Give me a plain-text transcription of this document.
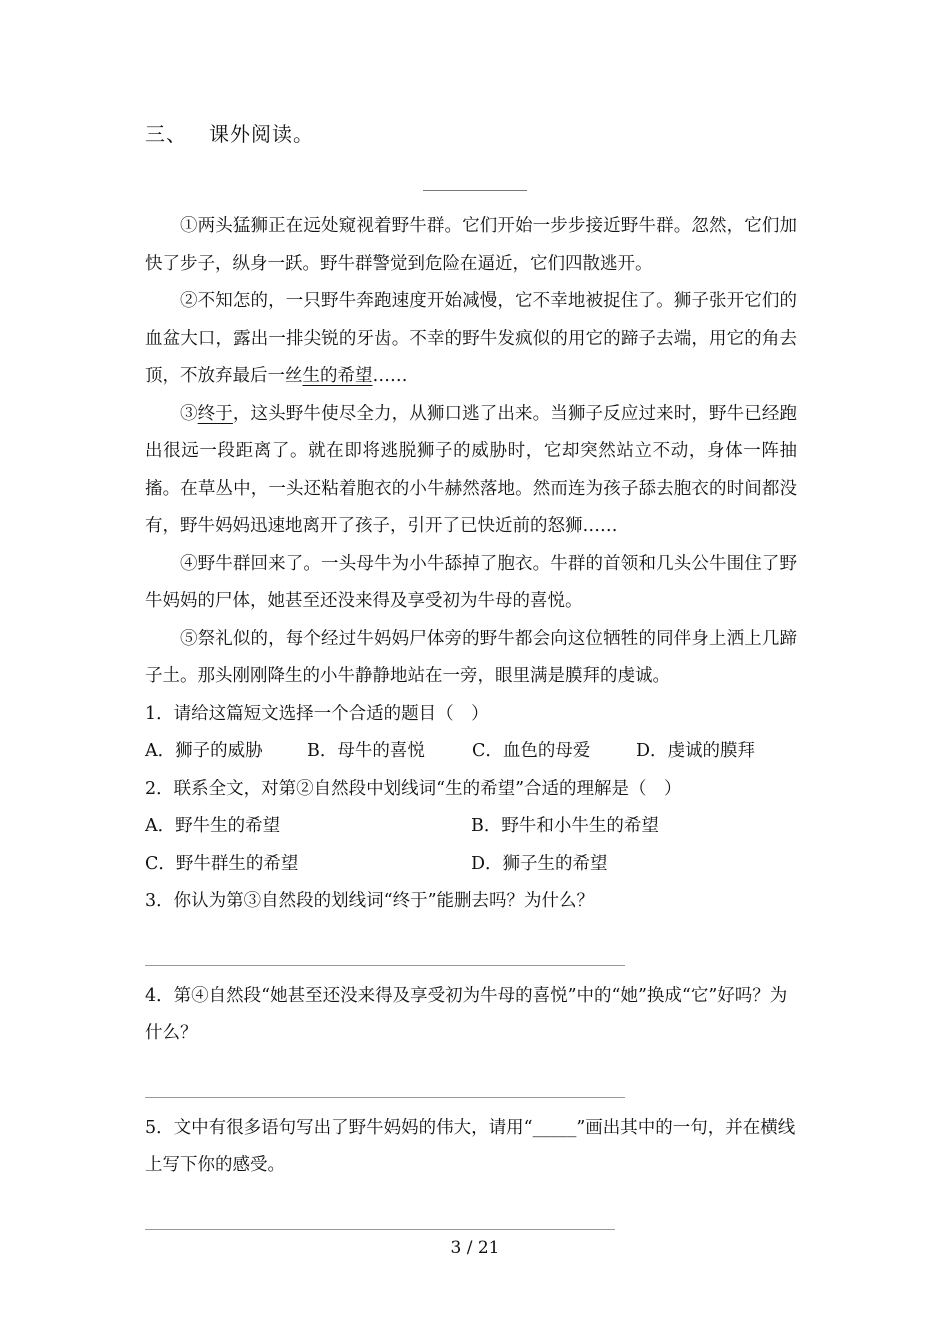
三、 课外阅读。

①两头猛狮正在远处窥视着野牛群。它们开始一步步接近野牛群。忽然，它们加快了步子，纵身一跃。野牛群警觉到危险在逼近，它们四散逃开。

②不知怎的，一只野牛奔跑速度开始减慢，它不幸地被捉住了。狮子张开它们的血盆大口，露出一排尖锐的牙齿。不幸的野牛发疯似的用它的蹄子去端，用它的角去顶，不放弃最后一丝生的希望……

③终于，这头野牛使尽全力，从狮口逃了出来。当狮子反应过来时，野牛已经跑出很远一段距离了。就在即将逃脱狮子的威胁时，它却突然站立不动，身体一阵抽搐。在草丛中，一头还粘着胞衣的小牛赫然落地。然而连为孩子舔去胞衣的时间都没有，野牛妈妈迅速地离开了孩子，引开了已快近前的怒狮……

④野牛群回来了。一头母牛为小牛舔掉了胞衣。牛群的首领和几头公牛围住了野牛妈妈的尸体，她甚至还没来得及享受初为牛母的喜悦。

⑤祭礼似的，每个经过牛妈妈尸体旁的野牛都会向这位牺牲的同伴身上洒上几蹄子土。那头刚刚降生的小牛静静地站在一旁，眼里满是膜拜的虔诚。

1．请给这篇短文选择一个合适的题目（　）

A．狮子的威胁	B．母牛的喜悦	C．血色的母爱	D．虔诚的膜拜

2．联系全文，对第②自然段中划线词“生的希望”合适的理解是（　）

A．野牛生的希望	B．野牛和小牛生的希望
C．野牛群生的希望	D．狮子生的希望

3．你认为第③自然段的划线词“终于”能删去吗？为什么？

4．第④自然段“她甚至还没来得及享受初为牛母的喜悦”中的“她”换成“它”好吗？为什么？

5．文中有很多语句写出了野牛妈妈的伟大，请用“_____”画出其中的一句，并在横线上写下你的感受。

3 / 21
